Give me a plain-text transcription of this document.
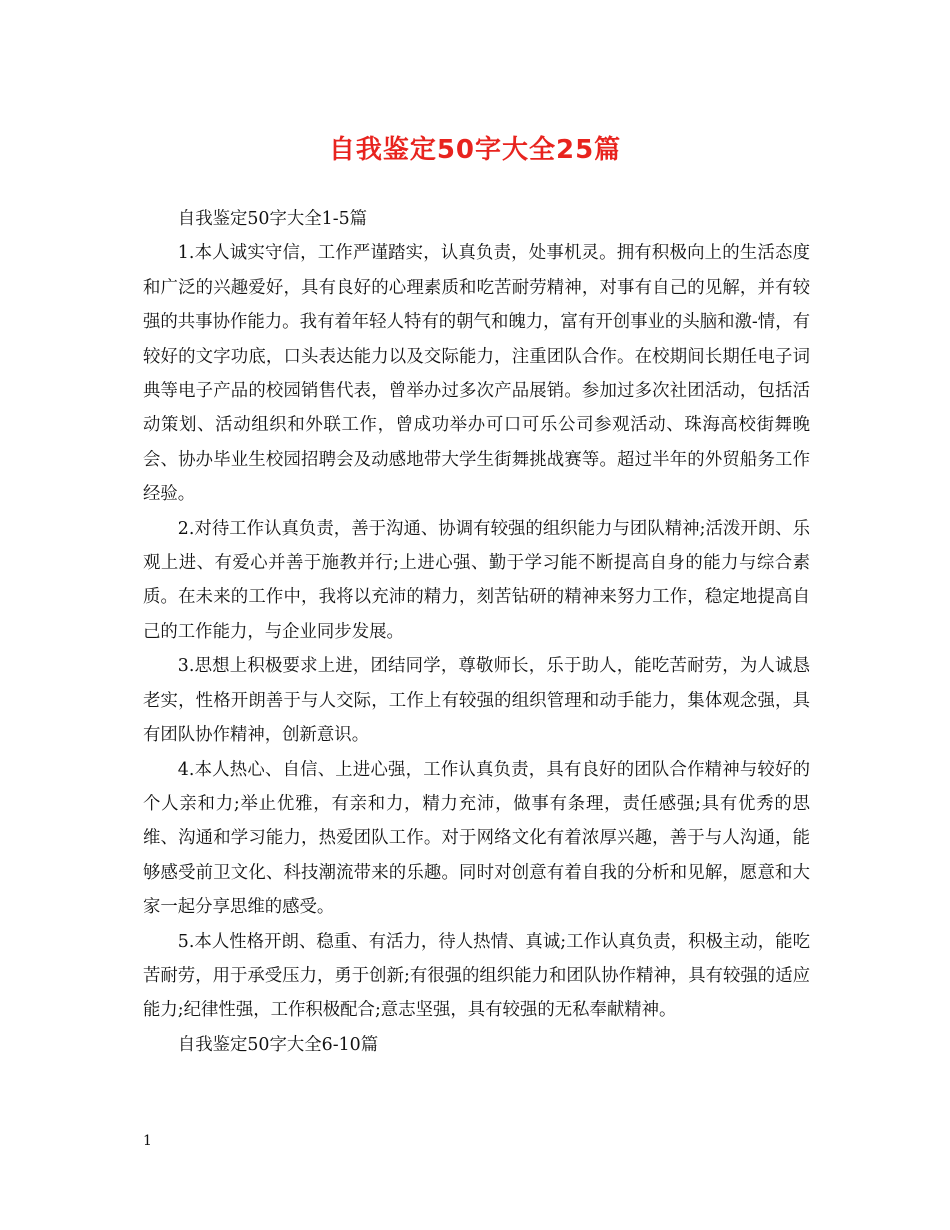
自我鉴定50字大全25篇

自我鉴定50字大全1-5篇

1.本人诚实守信，工作严谨踏实，认真负责，处事机灵。拥有积极向上的生活态度和广泛的兴趣爱好，具有良好的心理素质和吃苦耐劳精神，对事有自己的见解，并有较强的共事协作能力。我有着年轻人特有的朝气和魄力，富有开创事业的头脑和激-情，有较好的文字功底，口头表达能力以及交际能力，注重团队合作。在校期间长期任电子词典等电子产品的校园销售代表，曾举办过多次产品展销。参加过多次社团活动，包括活动策划、活动组织和外联工作，曾成功举办可口可乐公司参观活动、珠海高校街舞晚会、协办毕业生校园招聘会及动感地带大学生街舞挑战赛等。超过半年的外贸船务工作经验。

2.对待工作认真负责，善于沟通、协调有较强的组织能力与团队精神;活泼开朗、乐观上进、有爱心并善于施教并行;上进心强、勤于学习能不断提高自身的能力与综合素质。在未来的工作中，我将以充沛的精力，刻苦钻研的精神来努力工作，稳定地提高自己的工作能力，与企业同步发展。

3.思想上积极要求上进，团结同学，尊敬师长，乐于助人，能吃苦耐劳，为人诚恳老实，性格开朗善于与人交际，工作上有较强的组织管理和动手能力，集体观念强，具有团队协作精神，创新意识。

4.本人热心、自信、上进心强，工作认真负责，具有良好的团队合作精神与较好的个人亲和力;举止优雅，有亲和力，精力充沛，做事有条理，责任感强;具有优秀的思维、沟通和学习能力，热爱团队工作。对于网络文化有着浓厚兴趣，善于与人沟通，能够感受前卫文化、科技潮流带来的乐趣。同时对创意有着自我的分析和见解，愿意和大家一起分享思维的感受。

5.本人性格开朗、稳重、有活力，待人热情、真诚;工作认真负责，积极主动，能吃苦耐劳，用于承受压力，勇于创新;有很强的组织能力和团队协作精神，具有较强的适应能力;纪律性强，工作积极配合;意志坚强，具有较强的无私奉献精神。

自我鉴定50字大全6-10篇

1
